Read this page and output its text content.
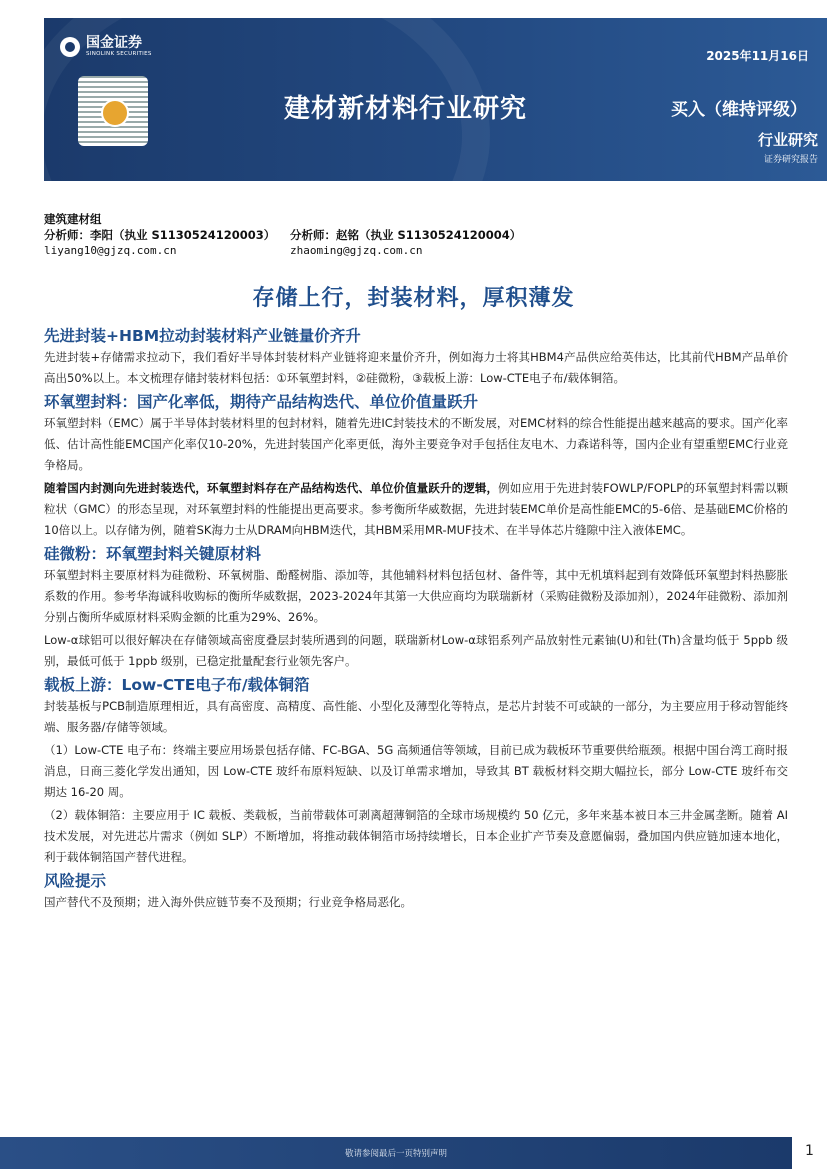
国金证券
SINOLINK SECURITIES	2025年11月16日
建材新材料行业研究	买入（维持评级）
行业研究
证券研究报告
建筑建材组
分析师：李阳（执业 S1130524120003）	分析师：赵铭（执业 S1130524120004）
liyang10@gjzq.com.cn	zhaoming@gjzq.com.cn
存储上行，封装材料，厚积薄发
先进封装+HBM拉动封装材料产业链量价齐升

先进封装+存储需求拉动下，我们看好半导体封装材料产业链将迎来量价齐升，例如海力士将其HBM4产品供应给英伟达，比其前代HBM产品单价高出50%以上。本文梳理存储封装材料包括：①环氧塑封料，②硅微粉，③载板上游：Low-CTE电子布/载体铜箔。

环氧塑封料：国产化率低，期待产品结构迭代、单位价值量跃升

环氧塑封料（EMC）属于半导体封装材料里的包封材料，随着先进IC封装技术的不断发展，对EMC材料的综合性能提出越来越高的要求。国产化率低、估计高性能EMC国产化率仅10-20%，先进封装国产化率更低，海外主要竞争对手包括住友电木、力森诺科等，国内企业有望重塑EMC行业竞争格局。

随着国内封测向先进封装迭代，环氧塑封料存在产品结构迭代、单位价值量跃升的逻辑，例如应用于先进封装FOWLP/FOPLP的环氧塑封料需以颗粒状（GMC）的形态呈现，对环氧塑封料的性能提出更高要求。参考衡所华威数据，先进封装EMC单价是高性能EMC的5-6倍、是基础EMC价格的10倍以上。以存储为例，随着SK海力士从DRAM向HBM迭代，其HBM采用MR-MUF技术、在半导体芯片缝隙中注入液体EMC。

硅微粉：环氧塑封料关键原材料

环氧塑封料主要原材料为硅微粉、环氧树脂、酚醛树脂、添加等，其他辅料材料包括包材、备件等，其中无机填料起到有效降低环氧塑封料热膨胀系数的作用。参考华海诚科收购标的衡所华威数据，2023-2024年其第一大供应商均为联瑞新材（采购硅微粉及添加剂），2024年硅微粉、添加剂分别占衡所华威原材料采购金额的比重为29%、26%。

Low-α球铝可以很好解决在存储领域高密度叠层封装所遇到的问题，联瑞新材Low-α球铝系列产品放射性元素铀(U)和钍(Th)含量均低于 5ppb 级别，最低可低于 1ppb 级别，已稳定批量配套行业领先客户。

载板上游：Low-CTE电子布/载体铜箔

封装基板与PCB制造原理相近，具有高密度、高精度、高性能、小型化及薄型化等特点，是芯片封装不可或缺的一部分，为主要应用于移动智能终端、服务器/存储等领域。

（1）Low-CTE 电子布：终端主要应用场景包括存储、FC-BGA、5G 高频通信等领域，目前已成为载板环节重要供给瓶颈。根据中国台湾工商时报消息，日商三菱化学发出通知，因 Low-CTE 玻纤布原料短缺、以及订单需求增加，导致其 BT 载板材料交期大幅拉长，部分 Low-CTE 玻纤布交期达 16-20 周。

（2）载体铜箔：主要应用于 IC 载板、类载板，当前带载体可剥离超薄铜箔的全球市场规模约 50 亿元，多年来基本被日本三井金属垄断。随着 AI 技术发展，对先进芯片需求（例如 SLP）不断增加，将推动载体铜箔市场持续增长，日本企业扩产节奏及意愿偏弱，叠加国内供应链加速本地化，利于载体铜箔国产替代进程。

风险提示

国产替代不及预期；进入海外供应链节奏不及预期；行业竞争格局恶化。

敬请参阅最后一页特别声明	1
